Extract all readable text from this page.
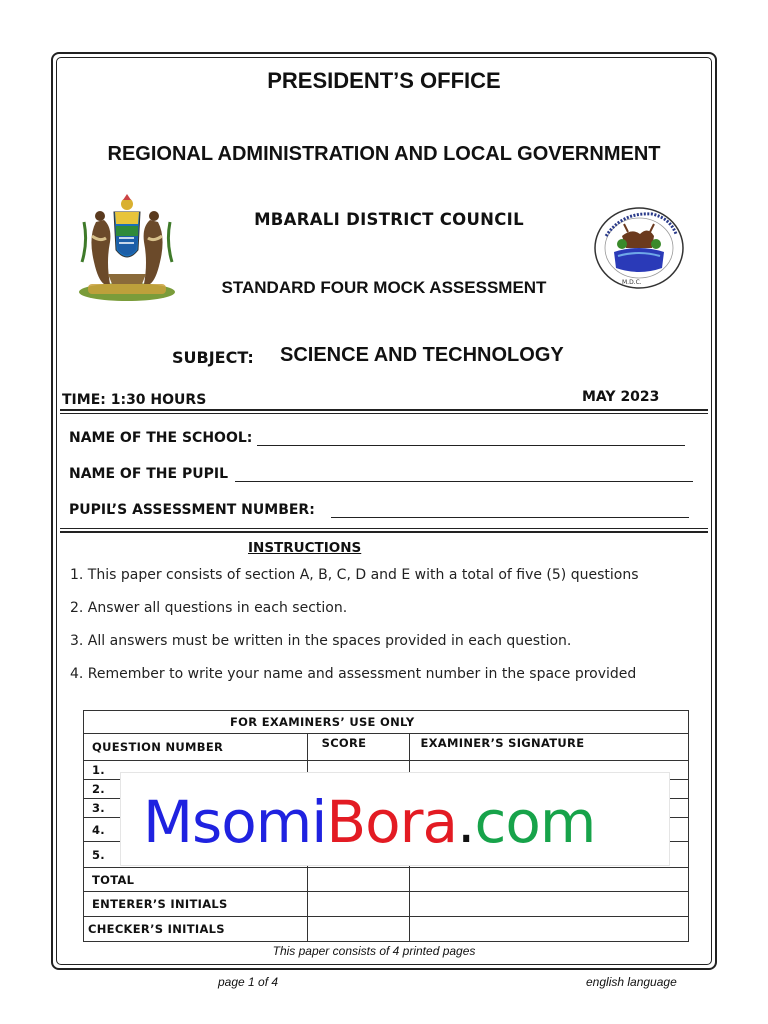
PRESIDENT’S OFFICE
REGIONAL ADMINISTRATION AND LOCAL GOVERNMENT
MBARALI DISTRICT COUNCIL
M.D.C.
STANDARD FOUR MOCK ASSESSMENT
SUBJECT: SCIENCE AND TECHNOLOGY
MAY 2023
TIME: 1:30 HOURS
NAME OF THE SCHOOL:
NAME OF THE PUPIL
PUPIL’S ASSESSMENT NUMBER:
INSTRUCTIONS
1. This paper consists of section A, B, C, D and E with a total of five (5) questions
2. Answer all questions in each section.
3. All answers must be written in the spaces provided in each question.
4. Remember to write your name and assessment number in the space provided
FOR EXAMINERS’ USE ONLY		
QUESTION NUMBER	SCORE	EXAMINER’S SIGNATURE
1.		
2.		
3.		
4.		
5.		
TOTAL		
ENTERER’S INITIALS		
CHECKER’S INITIALS		
MsomiBora.com
This paper consists of 4 printed pages
page 1 of 4	english language
